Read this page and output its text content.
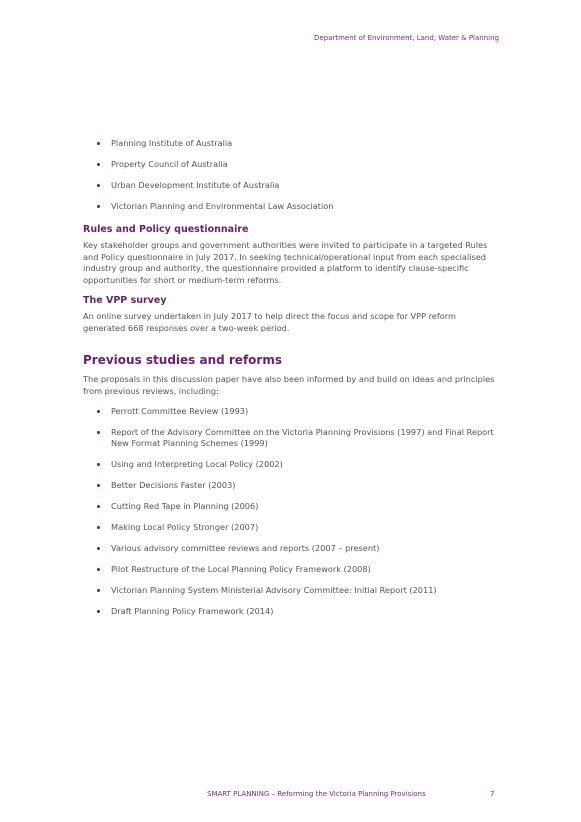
Department of Environment, Land, Water & Planning
Planning Institute of Australia
Property Council of Australia
Urban Development Institute of Australia
Victorian Planning and Environmental Law Association
Rules and Policy questionnaire

Key stakeholder groups and government authorities were invited to participate in a targeted Rules and Policy questionnaire in July 2017. In seeking technical/operational input from each specialised industry group and authority, the questionnaire provided a platform to identify clause-specific opportunities for short or medium-term reforms.

The VPP survey

An online survey undertaken in July 2017 to help direct the focus and scope for VPP reform generated 668 responses over a two-week period.

Previous studies and reforms

The proposals in this discussion paper have also been informed by and build on ideas and principles from previous reviews, including:

Perrott Committee Review (1993)
Report of the Advisory Committee on the Victoria Planning Provisions (1997) and Final Report New Format Planning Schemes (1999)
Using and Interpreting Local Policy (2002)
Better Decisions Faster (2003)
Cutting Red Tape in Planning (2006)
Making Local Policy Stronger (2007)
Various advisory committee reviews and reports (2007 – present)
Pilot Restructure of the Local Planning Policy Framework (2008)
Victorian Planning System Ministerial Advisory Committee: Initial Report (2011)
Draft Planning Policy Framework (2014)
SMART PLANNING – Reforming the Victoria Planning Provisions	7
